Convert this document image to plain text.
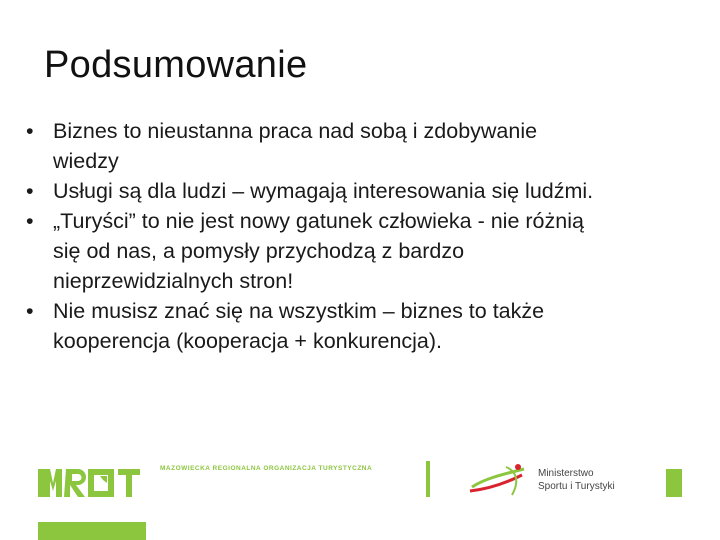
Podsumowanie
• Biznes to nieustanna praca nad sobą i zdobywanie
wiedzy
• Usługi są dla ludzi – wymagają interesowania się ludźmi.
• „Turyści” to nie jest nowy gatunek człowieka - nie różnią
się od nas, a pomysły przychodzą z bardzo
nieprzewidzialnych stron!
• Nie musisz znać się na wszystkim – biznes to także
kooperencja (kooperacja + konkurencja).
MAZOWIECKA REGIONALNA ORGANIZACJA TURYSTYCZNA	Ministerstwo
Sportu i Turystyki
